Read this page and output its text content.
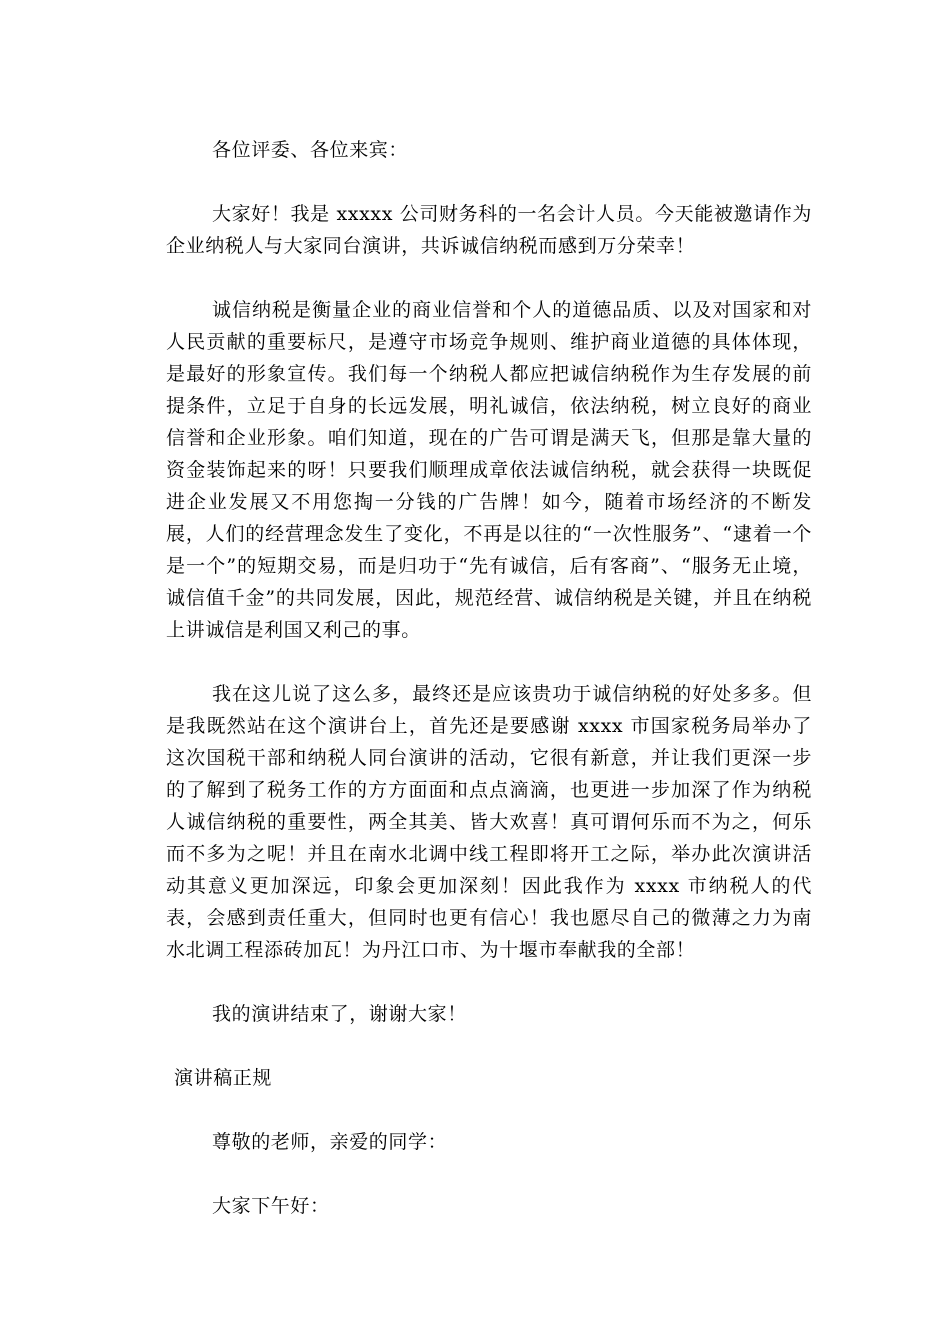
各位评委、各位来宾：

大家好！我是 xxxxx 公司财务科的一名会计人员。今天能被邀请作为企业纳税人与大家同台演讲，共诉诚信纳税而感到万分荣幸！

诚信纳税是衡量企业的商业信誉和个人的道德品质、以及对国家和对人民贡献的重要标尺，是遵守市场竞争规则、维护商业道德的具体体现，是最好的形象宣传。我们每一个纳税人都应把诚信纳税作为生存发展的前提条件，立足于自身的长远发展，明礼诚信，依法纳税，树立良好的商业信誉和企业形象。咱们知道，现在的广告可谓是满天飞，但那是靠大量的资金装饰起来的呀！只要我们顺理成章依法诚信纳税，就会获得一块既促进企业发展又不用您掏一分钱的广告牌！如今，随着市场经济的不断发展，人们的经营理念发生了变化，不再是以往的“一次性服务”、“逮着一个是一个”的短期交易，而是归功于“先有诚信，后有客商”、“服务无止境，诚信值千金”的共同发展，因此，规范经营、诚信纳税是关键，并且在纳税上讲诚信是利国又利己的事。

我在这儿说了这么多，最终还是应该贵功于诚信纳税的好处多多。但是我既然站在这个演讲台上，首先还是要感谢 xxxx 市国家税务局举办了这次国税干部和纳税人同台演讲的活动，它很有新意，并让我们更深一步的了解到了税务工作的方方面面和点点滴滴，也更进一步加深了作为纳税人诚信纳税的重要性，两全其美、皆大欢喜！真可谓何乐而不为之，何乐而不多为之呢！并且在南水北调中线工程即将开工之际，举办此次演讲活动其意义更加深远，印象会更加深刻！因此我作为 xxxx 市纳税人的代表，会感到责任重大，但同时也更有信心！我也愿尽自己的微薄之力为南水北调工程添砖加瓦！为丹江口市、为十堰市奉献我的全部！

我的演讲结束了，谢谢大家！

演讲稿正规

尊敬的老师，亲爱的同学：

大家下午好：
